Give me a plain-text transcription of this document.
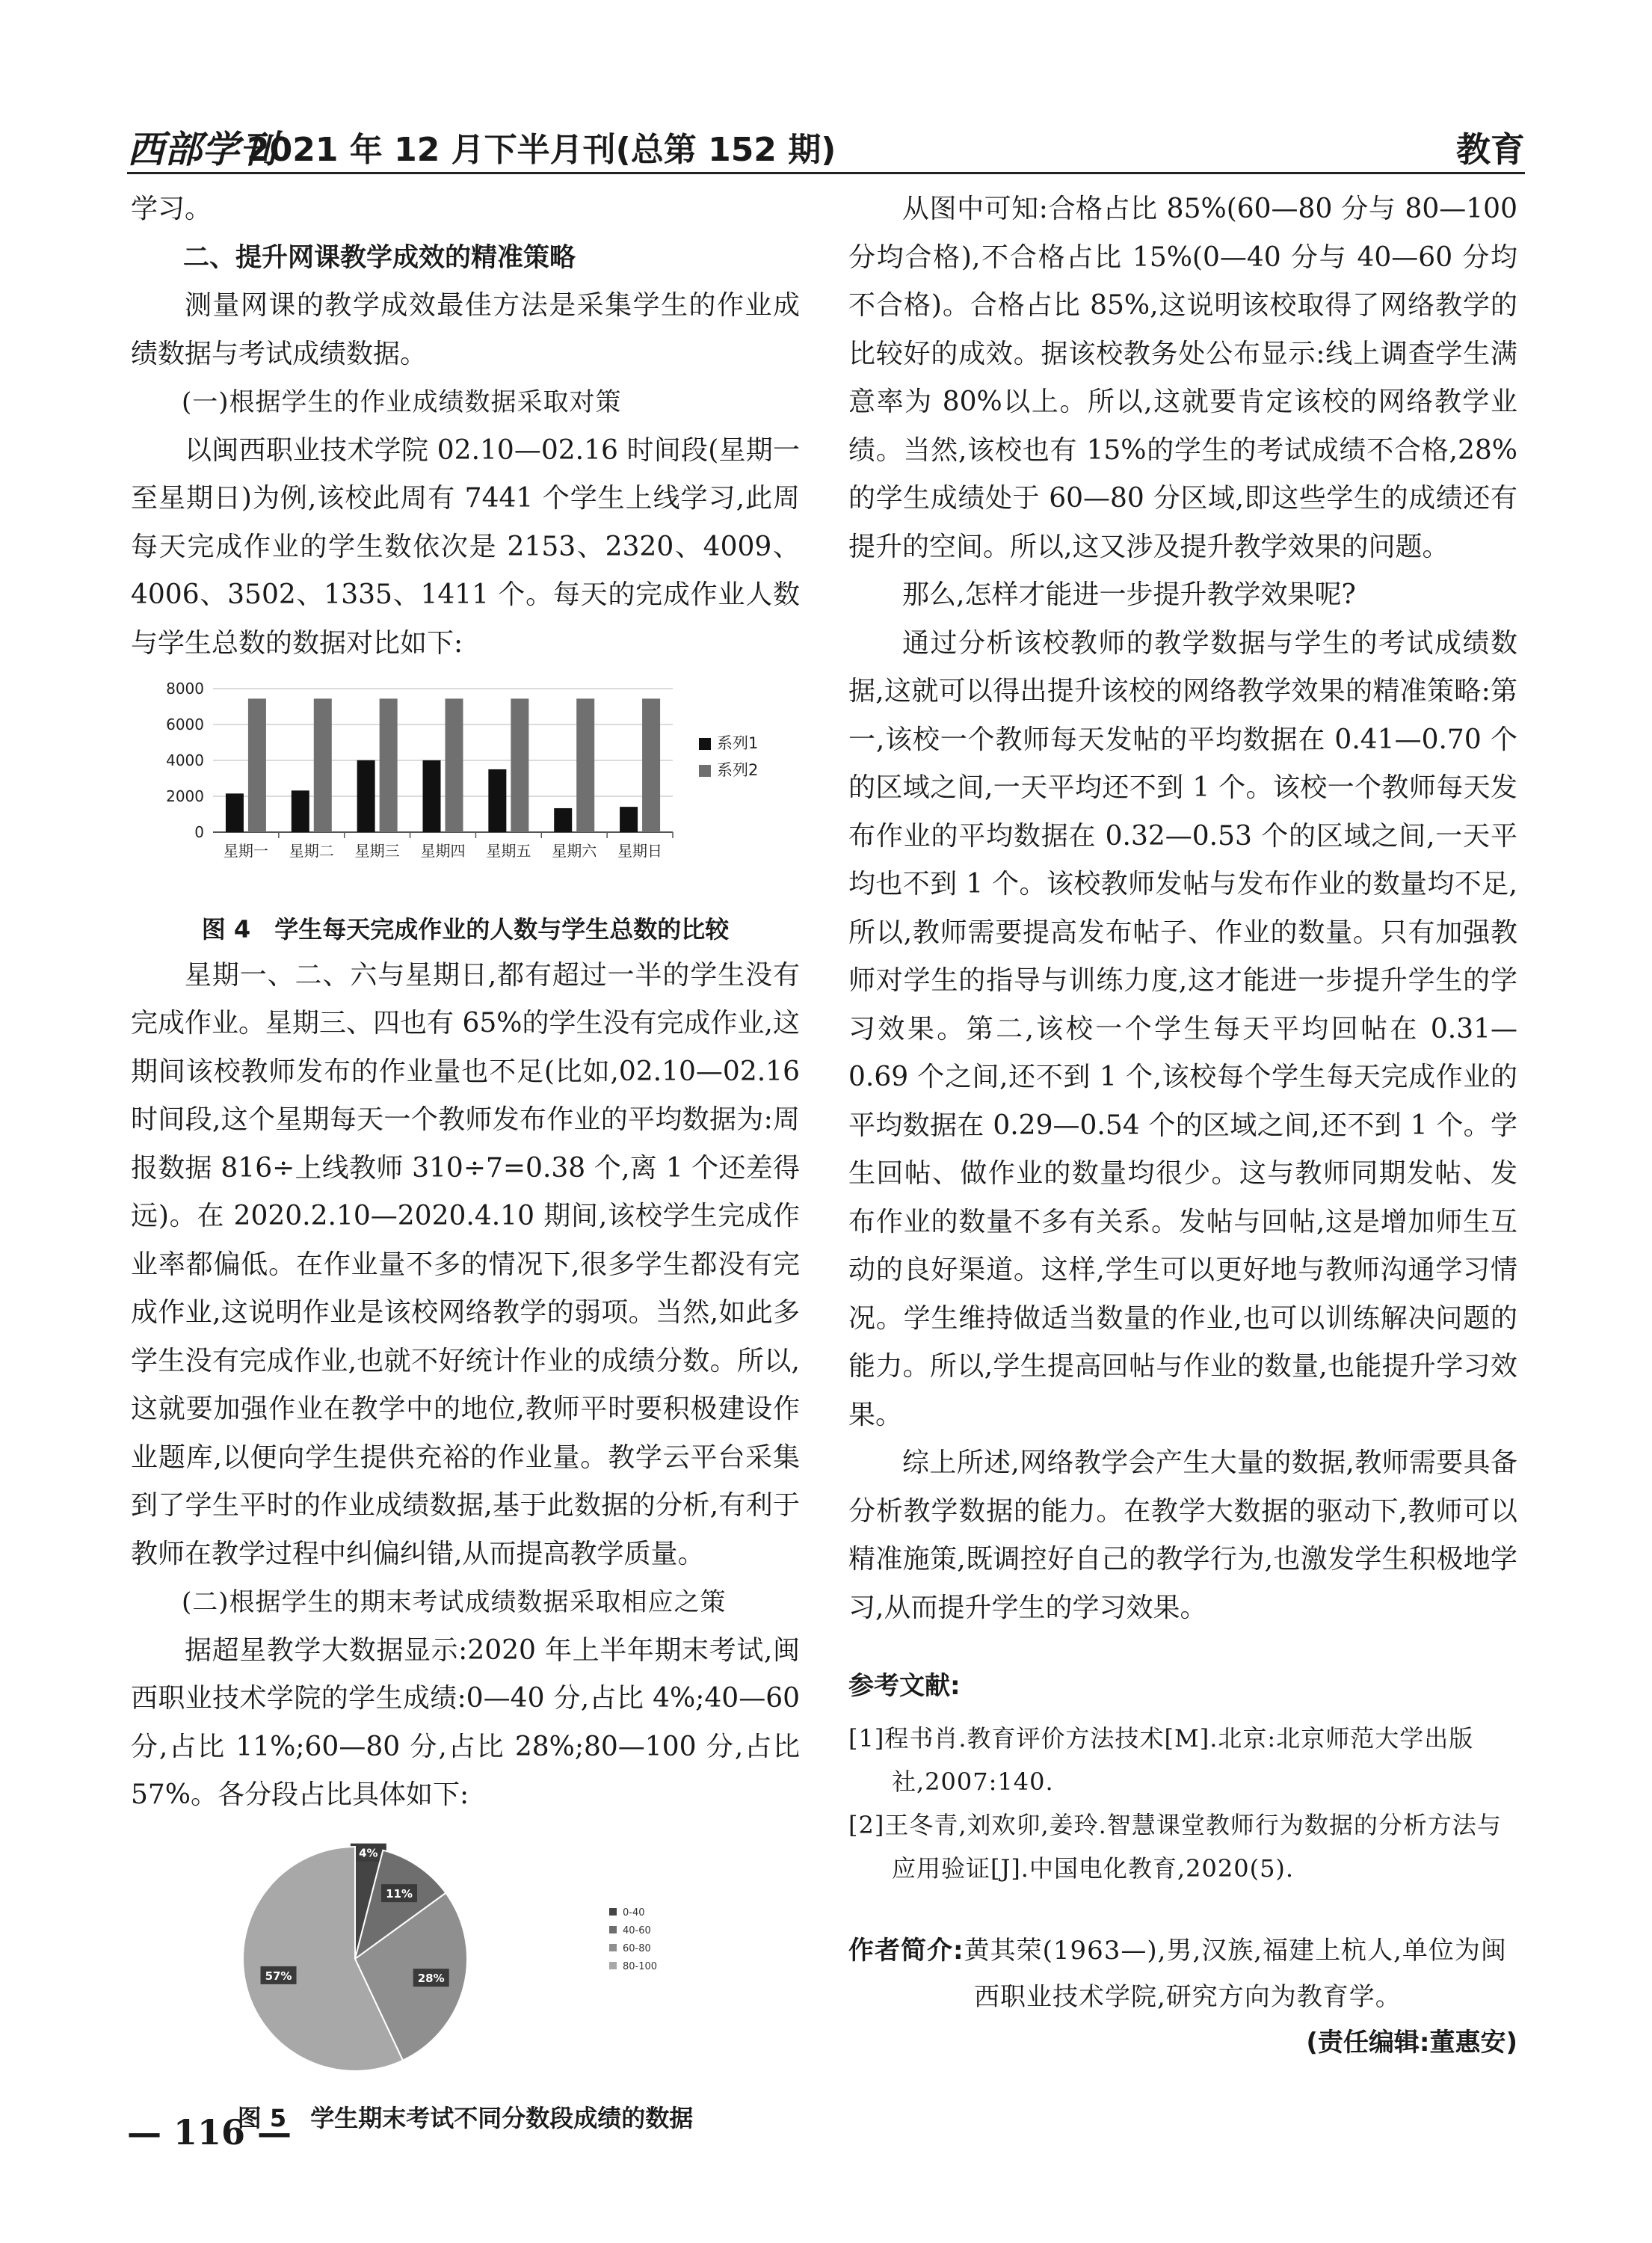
西部学刊
2021 年 12 月下半月刊(总第 152 期)	教育

学习。

二、提升网课教学成效的精准策略

测量网课的教学成效最佳方法是采集学生的作业成绩数据与考试成绩数据。

(一)根据学生的作业成绩数据采取对策

以闽西职业技术学院 02.10—02.16 时间段(星期一至星期日)为例,该校此周有 7441 个学生上线学习,此周每天完成作业的学生数依次是 2153、2320、4009、4006、3502、1335、1411 个。每天的完成作业人数与学生总数的数据对比如下:

0
2000
4000
6000
8000
星期一 星期二 星期三 星期四 星期五 星期六 星期日
系列1
系列2
图 4　学生每天完成作业的人数与学生总数的比较

星期一、二、六与星期日,都有超过一半的学生没有完成作业。星期三、四也有 65%的学生没有完成作业,这期间该校教师发布的作业量也不足(比如,02.10—02.16 时间段,这个星期每天一个教师发布作业的平均数据为:周报数据 816÷上线教师 310÷7=0.38 个,离 1 个还差得远)。在 2020.2.10—2020.4.10 期间,该校学生完成作业率都偏低。在作业量不多的情况下,很多学生都没有完成作业,这说明作业是该校网络教学的弱项。当然,如此多学生没有完成作业,也就不好统计作业的成绩分数。所以,这就要加强作业在教学中的地位,教师平时要积极建设作业题库,以便向学生提供充裕的作业量。教学云平台采集到了学生平时的作业成绩数据,基于此数据的分析,有利于教师在教学过程中纠偏纠错,从而提高教学质量。

(二)根据学生的期末考试成绩数据采取相应之策

据超星教学大数据显示:2020 年上半年期末考试,闽西职业技术学院的学生成绩:0—40 分,占比 4%;40—60 分,占比 11%;60—80 分,占比 28%;80—100 分,占比 57%。各分段占比具体如下:

4%
11%
28%
57%
0-40
40-60
60-80
80-100
图 5　学生期末考试不同分数段成绩的数据

从图中可知:合格占比 85%(60—80 分与 80—100 分均合格),不合格占比 15%(0—40 分与 40—60 分均不合格)。合格占比 85%,这说明该校取得了网络教学的比较好的成效。据该校教务处公布显示:线上调查学生满意率为 80%以上。所以,这就要肯定该校的网络教学业绩。当然,该校也有 15%的学生的考试成绩不合格,28%的学生成绩处于 60—80 分区域,即这些学生的成绩还有提升的空间。所以,这又涉及提升教学效果的问题。

那么,怎样才能进一步提升教学效果呢?

通过分析该校教师的教学数据与学生的考试成绩数据,这就可以得出提升该校的网络教学效果的精准策略:第一,该校一个教师每天发帖的平均数据在 0.41—0.70 个的区域之间,一天平均还不到 1 个。该校一个教师每天发布作业的平均数据在 0.32—0.53 个的区域之间,一天平均也不到 1 个。该校教师发帖与发布作业的数量均不足,所以,教师需要提高发布帖子、作业的数量。只有加强教师对学生的指导与训练力度,这才能进一步提升学生的学习效果。第二,该校一个学生每天平均回帖在 0.31—0.69 个之间,还不到 1 个,该校每个学生每天完成作业的平均数据在 0.29—0.54 个的区域之间,还不到 1 个。学生回帖、做作业的数量均很少。这与教师同期发帖、发布作业的数量不多有关系。发帖与回帖,这是增加师生互动的良好渠道。这样,学生可以更好地与教师沟通学习情况。学生维持做适当数量的作业,也可以训练解决问题的能力。所以,学生提高回帖与作业的数量,也能提升学习效果。

综上所述,网络教学会产生大量的数据,教师需要具备分析教学数据的能力。在教学大数据的驱动下,教师可以精准施策,既调控好自己的教学行为,也激发学生积极地学习,从而提升学生的学习效果。

参考文献:

[1]程书肖.教育评价方法技术[M].北京:北京师范大学出版社,2007:140.

[2]王冬青,刘欢卯,姜玲.智慧课堂教师行为数据的分析方法与应用验证[J].中国电化教育,2020(5).

作者简介:黄其荣(1963—),男,汉族,福建上杭人,单位为闽西职业技术学院,研究方向为教育学。
(责任编辑:董惠安)
— 116 —
